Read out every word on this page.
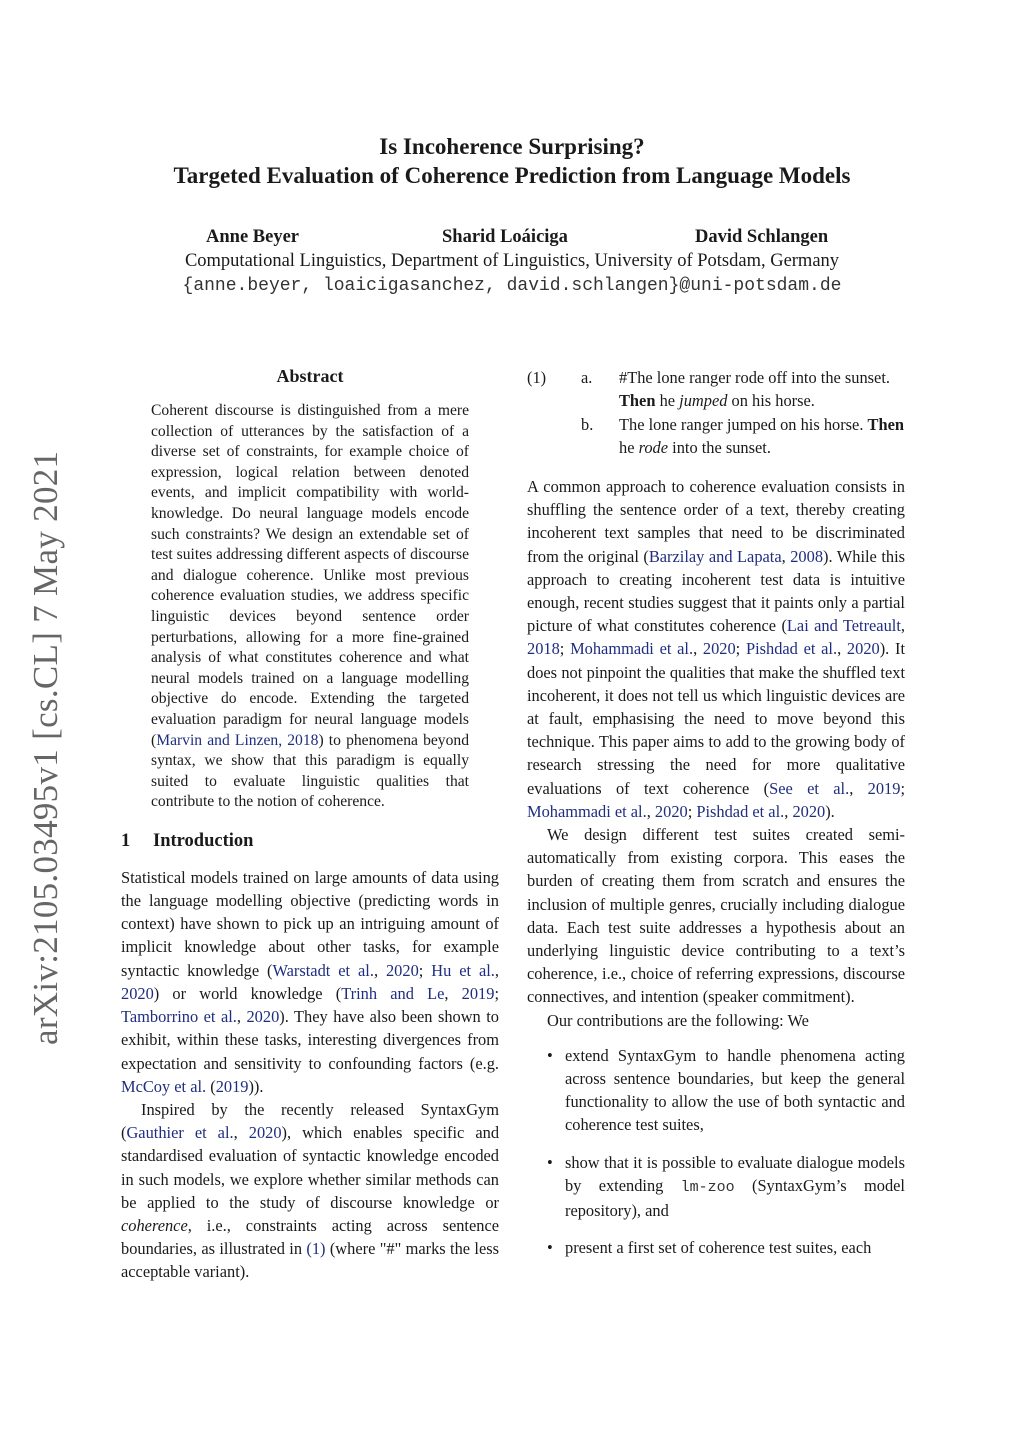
Is Incoherence Surprising?
Targeted Evaluation of Coherence Prediction from Language Models
Anne Beyer	Sharid Loáiciga	David Schlangen
Computational Linguistics, Department of Linguistics, University of Potsdam, Germany
{anne.beyer, loaicigasanchez, david.schlangen}@uni-potsdam.de
arXiv:2105.03495v1 [cs.CL] 7 May 2021
Abstract
Coherent discourse is distinguished from a mere collection of utterances by the satisfaction of a diverse set of constraints, for example choice of expression, logical relation between denoted events, and implicit compatibility with world-knowledge. Do neural language models encode such constraints? We design an extendable set of test suites addressing different aspects of discourse and dialogue coherence. Unlike most previous coherence evaluation studies, we address specific linguistic devices beyond sentence order perturbations, allowing for a more fine-grained analysis of what constitutes coherence and what neural models trained on a language modelling objective do encode. Extending the targeted evaluation paradigm for neural language models (Marvin and Linzen, 2018) to phenomena beyond syntax, we show that this paradigm is equally suited to evaluate linguistic qualities that contribute to the notion of coherence.
1 Introduction

Statistical models trained on large amounts of data using the language modelling objective (predicting words in context) have shown to pick up an intriguing amount of implicit knowledge about other tasks, for example syntactic knowledge (Warstadt et al., 2020; Hu et al., 2020) or world knowledge (Trinh and Le, 2019; Tamborrino et al., 2020). They have also been shown to exhibit, within these tasks, interesting divergences from expectation and sensitivity to confounding factors (e.g. McCoy et al. (2019)).

Inspired by the recently released SyntaxGym (Gauthier et al., 2020), which enables specific and standardised evaluation of syntactic knowledge encoded in such models, we explore whether similar methods can be applied to the study of discourse knowledge or coherence, i.e., constraints acting across sentence boundaries, as illustrated in (1) (where "#" marks the less acceptable variant).

(1) a.	#The lone ranger rode off into the sunset. Then he jumped on his horse.
b.	The lone ranger jumped on his horse. Then he rode into the sunset.

A common approach to coherence evaluation consists in shuffling the sentence order of a text, thereby creating incoherent text samples that need to be discriminated from the original (Barzilay and Lapata, 2008). While this approach to creating incoherent test data is intuitive enough, recent studies suggest that it paints only a partial picture of what constitutes coherence (Lai and Tetreault, 2018; Mohammadi et al., 2020; Pishdad et al., 2020). It does not pinpoint the qualities that make the shuffled text incoherent, it does not tell us which linguistic devices are at fault, emphasising the need to move beyond this technique. This paper aims to add to the growing body of research stressing the need for more qualitative evaluations of text coherence (See et al., 2019; Mohammadi et al., 2020; Pishdad et al., 2020).

We design different test suites created semi-automatically from existing corpora. This eases the burden of creating them from scratch and ensures the inclusion of multiple genres, crucially including dialogue data. Each test suite addresses a hypothesis about an underlying linguistic device contributing to a text’s coherence, i.e., choice of referring expressions, discourse connectives, and intention (speaker commitment).

Our contributions are the following: We

• extend SyntaxGym to handle phenomena acting across sentence boundaries, but keep the general functionality to allow the use of both syntactic and coherence test suites,
• show that it is possible to evaluate dialogue models by extending lm-zoo (SyntaxGym’s model repository), and
• present a first set of coherence test suites, each
